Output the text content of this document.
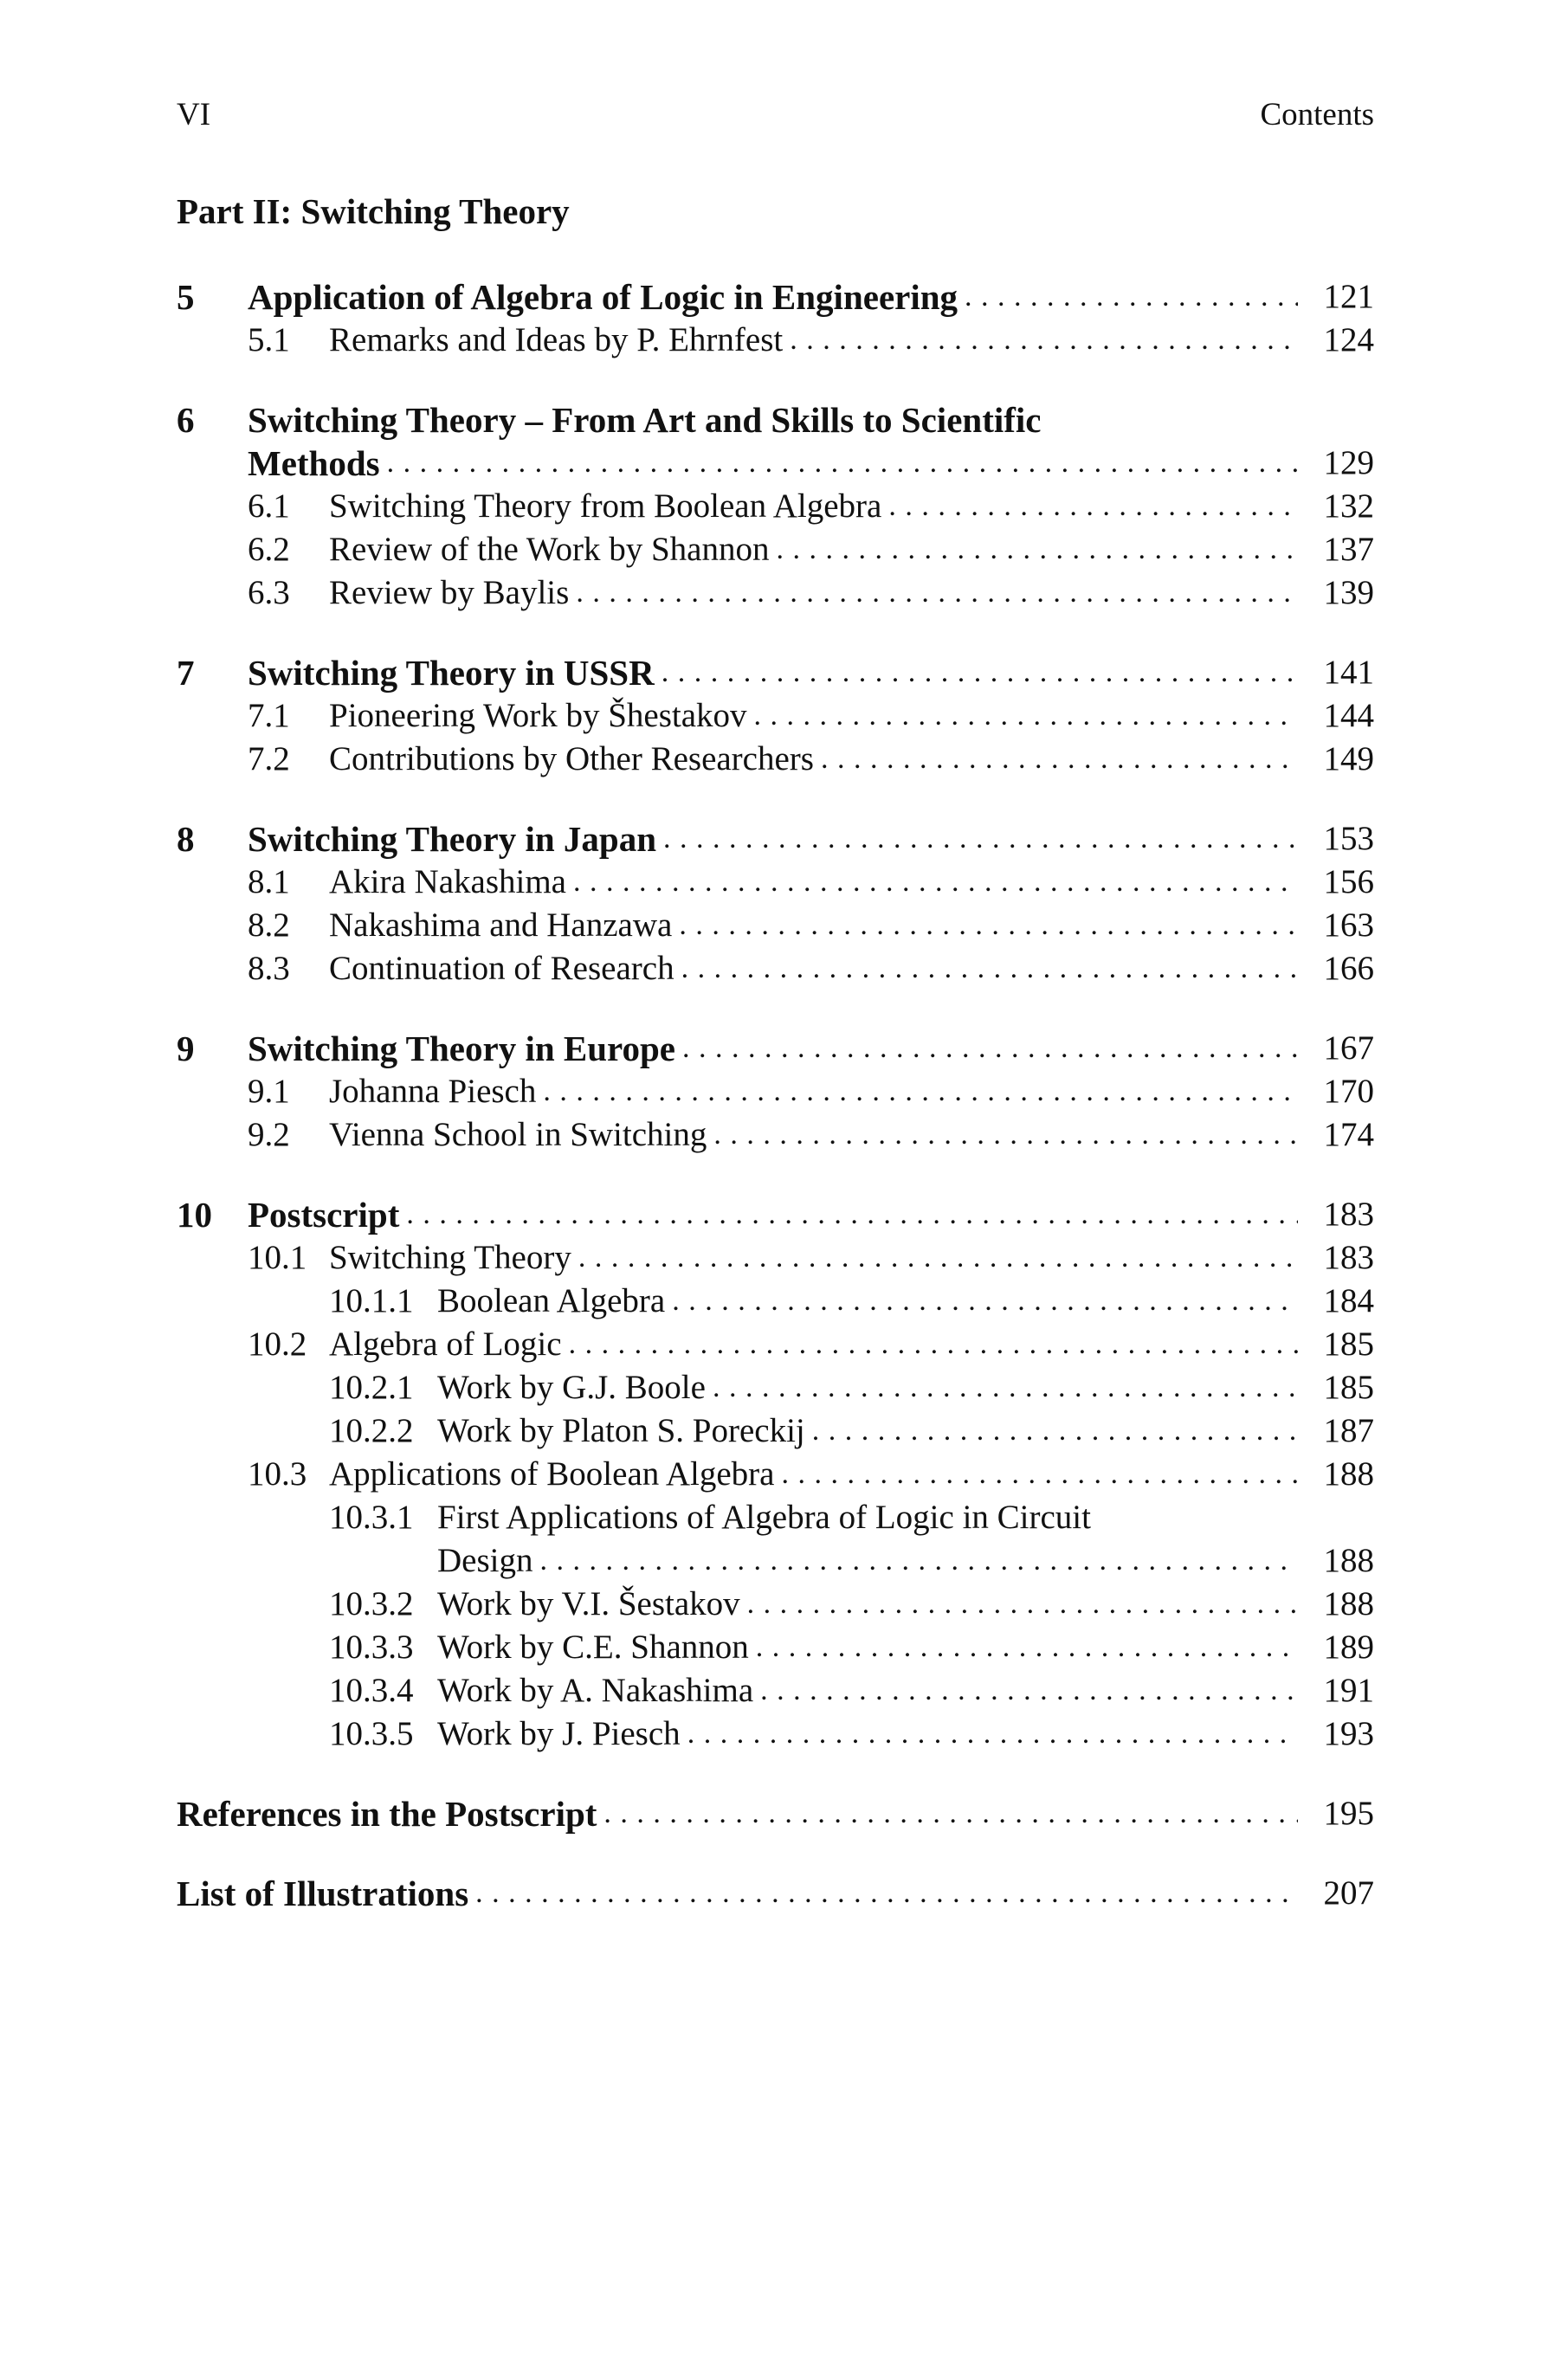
VI	Contents
Part II: Switching Theory
5 Application of Algebra of Logic in Engineering . . .	121
5.1 Remarks and Ideas by P. Ehrnfest . . .	124
6 Switching Theory – From Art and Skills to Scientific
Methods . . .	129
6.1 Switching Theory from Boolean Algebra . . .	132
6.2 Review of the Work by Shannon . . .	137
6.3 Review by Baylis . . .	139
7 Switching Theory in USSR . . .	141
7.1 Pioneering Work by Šhestakov . . .	144
7.2 Contributions by Other Researchers . . .	149
8 Switching Theory in Japan . . .	153
8.1 Akira Nakashima . . .	156
8.2 Nakashima and Hanzawa . . .	163
8.3 Continuation of Research . . .	166
9 Switching Theory in Europe . . .	167
9.1 Johanna Piesch . . .	170
9.2 Vienna School in Switching . . .	174
10 Postscript . . .	183
10.1 Switching Theory . . .	183
10.1.1 Boolean Algebra . . .	184
10.2 Algebra of Logic . . .	185
10.2.1 Work by G.J. Boole . . .	185
10.2.2 Work by Platon S. Poreckij . . .	187
10.3 Applications of Boolean Algebra . . .	188
10.3.1 First Applications of Algebra of Logic in Circuit
Design . . .	188
10.3.2 Work by V.I. Šestakov . . .	188
10.3.3 Work by C.E. Shannon . . .	189
10.3.4 Work by A. Nakashima . . .	191
10.3.5 Work by J. Piesch . . .	193
References in the Postscript . . .	195
List of Illustrations . . .	207
